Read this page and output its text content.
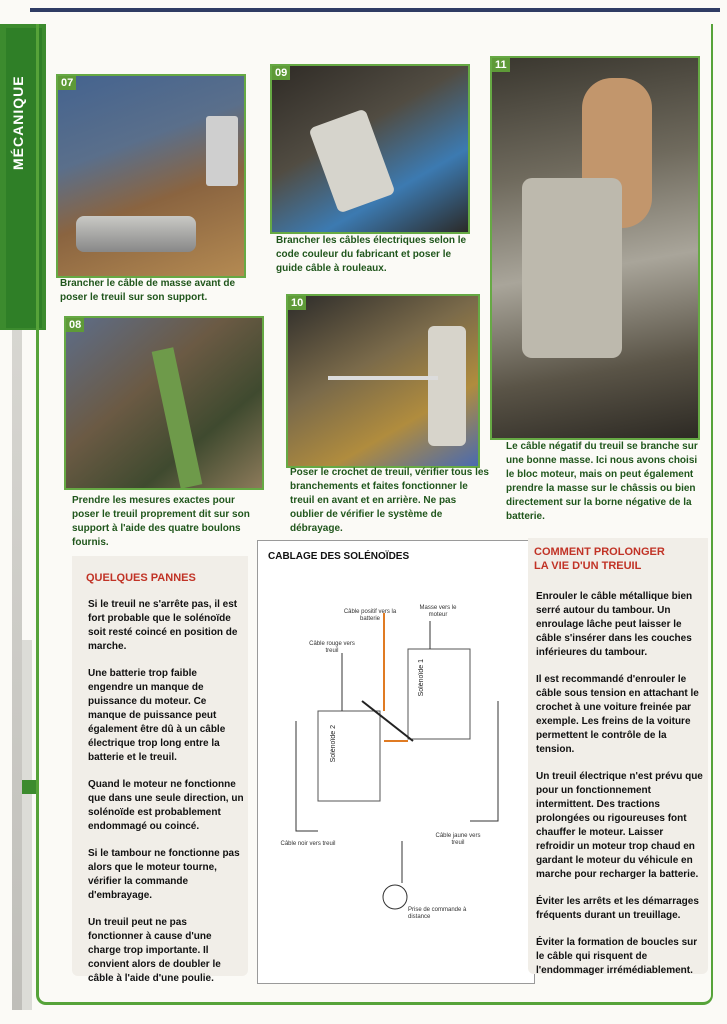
MÉCANIQUE	07
Brancher le câble de masse avant de poser le treuil sur son support.
09
Brancher les câbles électriques selon le code couleur du fabricant et poser le guide câble à rouleaux.
11
Le câble négatif du treuil se branche sur une bonne masse. Ici nous avons choisi le bloc moteur, mais on peut également prendre la masse sur le châssis ou bien directement sur la borne négative de la batterie.
08
Prendre les mesures exactes pour poser le treuil proprement dit sur son support à l'aide des quatre boulons fournis.
10
Poser le crochet de treuil, vérifier tous les branchements et faites fonctionner le treuil en avant et en arrière. Ne pas oublier de vérifier le système de débrayage.
QUELQUES PANNES

Si le treuil ne s'arrête pas, il est fort probable que le solénoïde soit resté coincé en position de marche.

Une batterie trop faible engendre un manque de puissance du moteur. Ce manque de puissance peut également être dû à un câble électrique trop long entre la batterie et le treuil.

Quand le moteur ne fonctionne que dans une seule direction, un solénoïde est probablement endommagé ou coincé.

Si le tambour ne fonctionne pas alors que le moteur tourne, vérifier la commande d'embrayage.

Un treuil peut ne pas fonctionner à cause d'une charge trop importante. Il convient alors de doubler le câble à l'aide d'une poulie.

CABLAGE DES SOLÉNOÏDES
Câble positif vers la batterie
Masse vers le moteur
Câble rouge vers treuil
Câble noir vers treuil
Câble jaune vers treuil
Prise de commande à distance
Solénoïde 1
Solénoïde 2
COMMENT PROLONGER
LA VIE D'UN TREUIL

Enrouler le câble métallique bien serré autour du tambour. Un enroulage lâche peut laisser le câble s'insérer dans les couches inférieures du tambour.

Il est recommandé d'enrouler le câble sous tension en attachant le crochet à une voiture freinée par exemple. Les freins de la voiture permettent le contrôle de la tension.

Un treuil électrique n'est prévu que pour un fonctionnement intermittent. Des tractions prolongées ou rigoureuses font chauffer le moteur. Laisser refroidir un moteur trop chaud en gardant le moteur du véhicule en marche pour recharger la batterie.

Éviter les arrêts et les démarrages fréquents durant un treuillage.

Éviter la formation de boucles sur le câble qui risquent de l'endommager irrémédiablement.
